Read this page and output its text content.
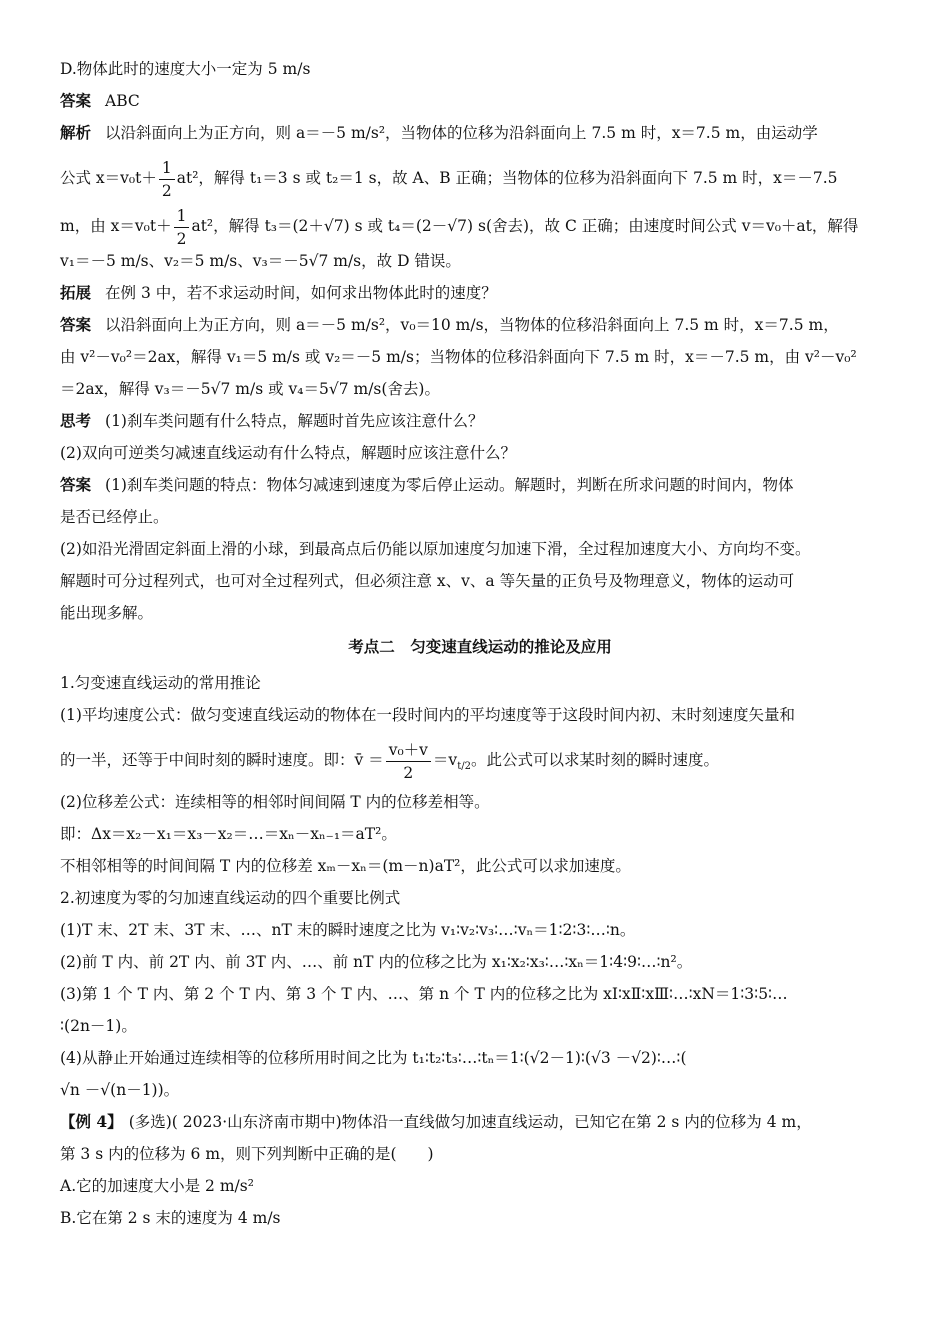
D.物体此时的速度大小一定为 5 m/s

答案 ABC

解析 以沿斜面向上为正方向，则 a＝－5 m/s²，当物体的位移为沿斜面向上 7.5 m 时，x＝7.5 m，由运动学

公式 $x=v_0t+ \frac{1}{2} at^2$，解得 t₁＝3 s 或 t₂＝1 s，故 A、B 正确；当物体的位移为沿斜面向下 7.5 m 时，x＝－7.5

m，由 $x=v_0t+ \frac{1}{2} at^2$，解得 t₃＝(2＋√7) s 或 t₄＝(2－√7) s(舍去)，故 C 正确；由速度时间公式 v＝v₀＋at，解得

v₁＝－5 m/s、v₂＝5 m/s、v₃＝－5√7 m/s，故 D 错误。

拓展 在例 3 中，若不求运动时间，如何求出物体此时的速度？

答案 以沿斜面向上为正方向，则 a＝－5 m/s²，v₀＝10 m/s，当物体的位移沿斜面向上 7.5 m 时，x＝7.5 m，

由 v²－v₀²＝2ax，解得 v₁＝5 m/s 或 v₂＝－5 m/s；当物体的位移沿斜面向下 7.5 m 时，x＝－7.5 m，由 v²－v₀²

＝2ax，解得 v₃＝－5√7 m/s 或 v₄＝5√7 m/s(舍去)。

思考 (1)刹车类问题有什么特点，解题时首先应该注意什么？

(2)双向可逆类匀减速直线运动有什么特点，解题时应该注意什么？

答案 (1)刹车类问题的特点：物体匀减速到速度为零后停止运动。解题时，判断在所求问题的时间内，物体

是否已经停止。

(2)如沿光滑固定斜面上滑的小球，到最高点后仍能以原加速度匀加速下滑，全过程加速度大小、方向均不变。

解题时可分过程列式，也可对全过程列式，但必须注意 x、v、a 等矢量的正负号及物理意义，物体的运动可

能出现多解。

考点二　匀变速直线运动的推论及应用

1.匀变速直线运动的常用推论

(1)平均速度公式：做匀变速直线运动的物体在一段时间内的平均速度等于这段时间内初、末时刻速度矢量和

的一半，还等于中间时刻的瞬时速度。即：v̄ ＝ $\frac{\text{v₀＋v}}{2} =v_{t/2}$。此公式可以求某时刻的瞬时速度。

(2)位移差公式：连续相等的相邻时间间隔 T 内的位移差相等。

即：Δx＝x₂－x₁＝x₃－x₂＝…＝xₙ－xₙ₋₁＝aT²。

不相邻相等的时间间隔 T 内的位移差 xₘ－xₙ＝(m－n)aT²，此公式可以求加速度。

2.初速度为零的匀加速直线运动的四个重要比例式

(1)T 末、2T 末、3T 末、…、nT 末的瞬时速度之比为 v₁∶v₂∶v₃∶…∶vₙ＝1∶2∶3∶…∶n。

(2)前 T 内、前 2T 内、前 3T 内、…、前 nT 内的位移之比为 x₁∶x₂∶x₃∶…∶xₙ＝1∶4∶9∶…∶n²。

(3)第 1 个 T 内、第 2 个 T 内、第 3 个 T 内、…、第 n 个 T 内的位移之比为 xⅠ∶xⅡ∶xⅢ∶…∶xN＝1∶3∶5∶…

∶(2n－1)。

(4)从静止开始通过连续相等的位移所用时间之比为 t₁∶t₂∶t₃∶…∶tₙ＝1∶(√2－1)∶(√3 －√2)∶…∶(

√n －√(n－1))。

【例 4】 (多选)( 2023·山东济南市期中)物体沿一直线做匀加速直线运动，已知它在第 2 s 内的位移为 4 m，

第 3 s 内的位移为 6 m，则下列判断中正确的是(　　)

A.它的加速度大小是 2 m/s²

B.它在第 2 s 末的速度为 4 m/s
